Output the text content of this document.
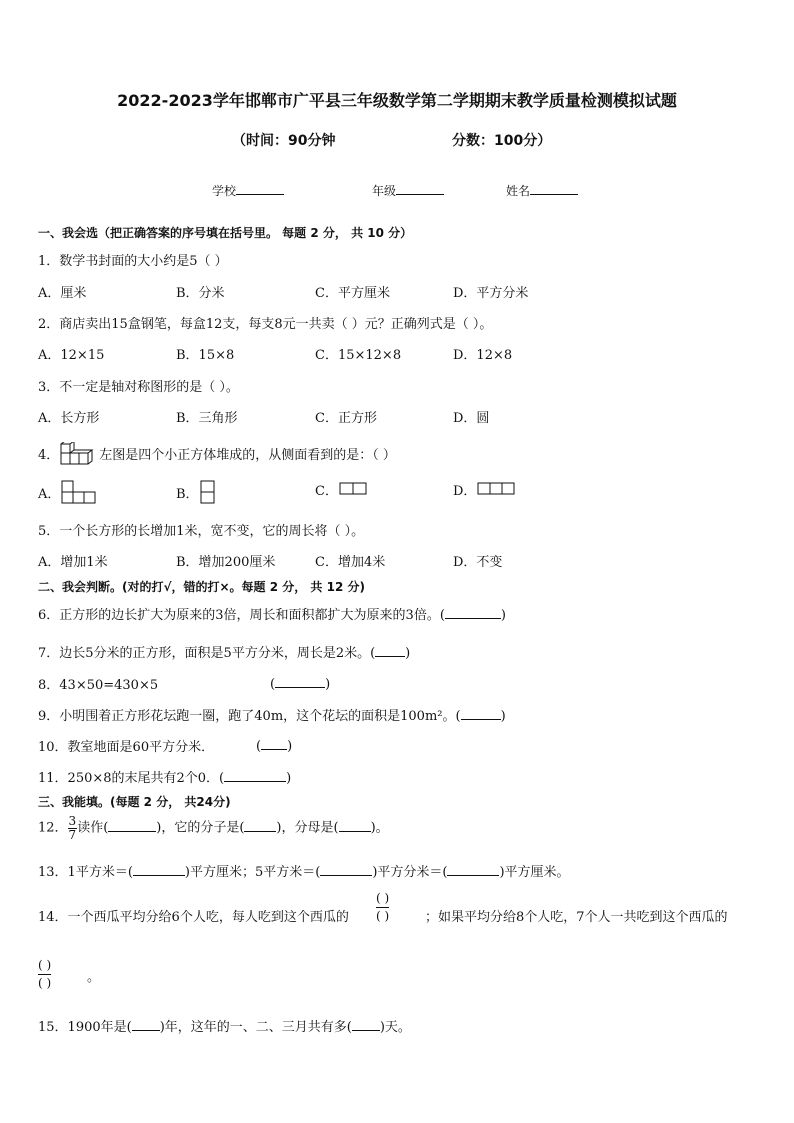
2022-2023学年邯郸市广平县三年级数学第二学期期末教学质量检测模拟试题
（时间：90分钟	分数：100分）
学校	年级	姓名
一、我会选（把正确答案的序号填在括号里。 每题 2 分， 共 10 分）
1．数学书封面的大小约是5（ ）
A．厘米	B．分米	C．平方厘米	D．平方分米
2．商店卖出15盒钢笔，每盒12支，每支8元一共卖（ ）元？正确列式是（ ）。
A．12×15	B．15×8	C．15×12×8	D．12×8
3．不一定是轴对称图形的是（ ）。
A．长方形	B．三角形	C．正方形	D．圆
4．	左图是四个小正方体堆成的，从侧面看到的是：（ ）
A．	B．	C．	D．
5．一个长方形的长增加1米，宽不变，它的周长将（ ）。
A．增加1米	B．增加200厘米	C．增加4米	D．不变
二、我会判断。(对的打√，错的打×。每题 2 分， 共 12 分)
6．正方形的边长扩大为原来的3倍，周长和面积都扩大为原来的3倍。(	)
7．边长5分米的正方形，面积是5平方分米，周长是2米。( )
8．43×50=430×5	(	)
9．小明围着正方形花坛跑一圈，跑了40m，这个花坛的面积是100m²。(	)
10．教室地面是60平方分米．	( )
11．250×8的末尾共有2个0．(	)
三、我能填。(每题 2 分， 共24分)
12． $\frac{3}{7}$ 读作(	)，它的分子是( )，分母是( )。
13．1平方米＝(	)平方厘米；5平方米＝(	)平方分米＝(	)平方厘米。
14．一个西瓜平均分给6个人吃，每人吃到这个西瓜的 $\frac{( )}{( )}$	；如果平均分给8个人吃，7个人一共吃到这个西瓜的
$\frac{( )}{( )}$	。
15．1900年是( )年，这年的一、二、三月共有多( )天。
